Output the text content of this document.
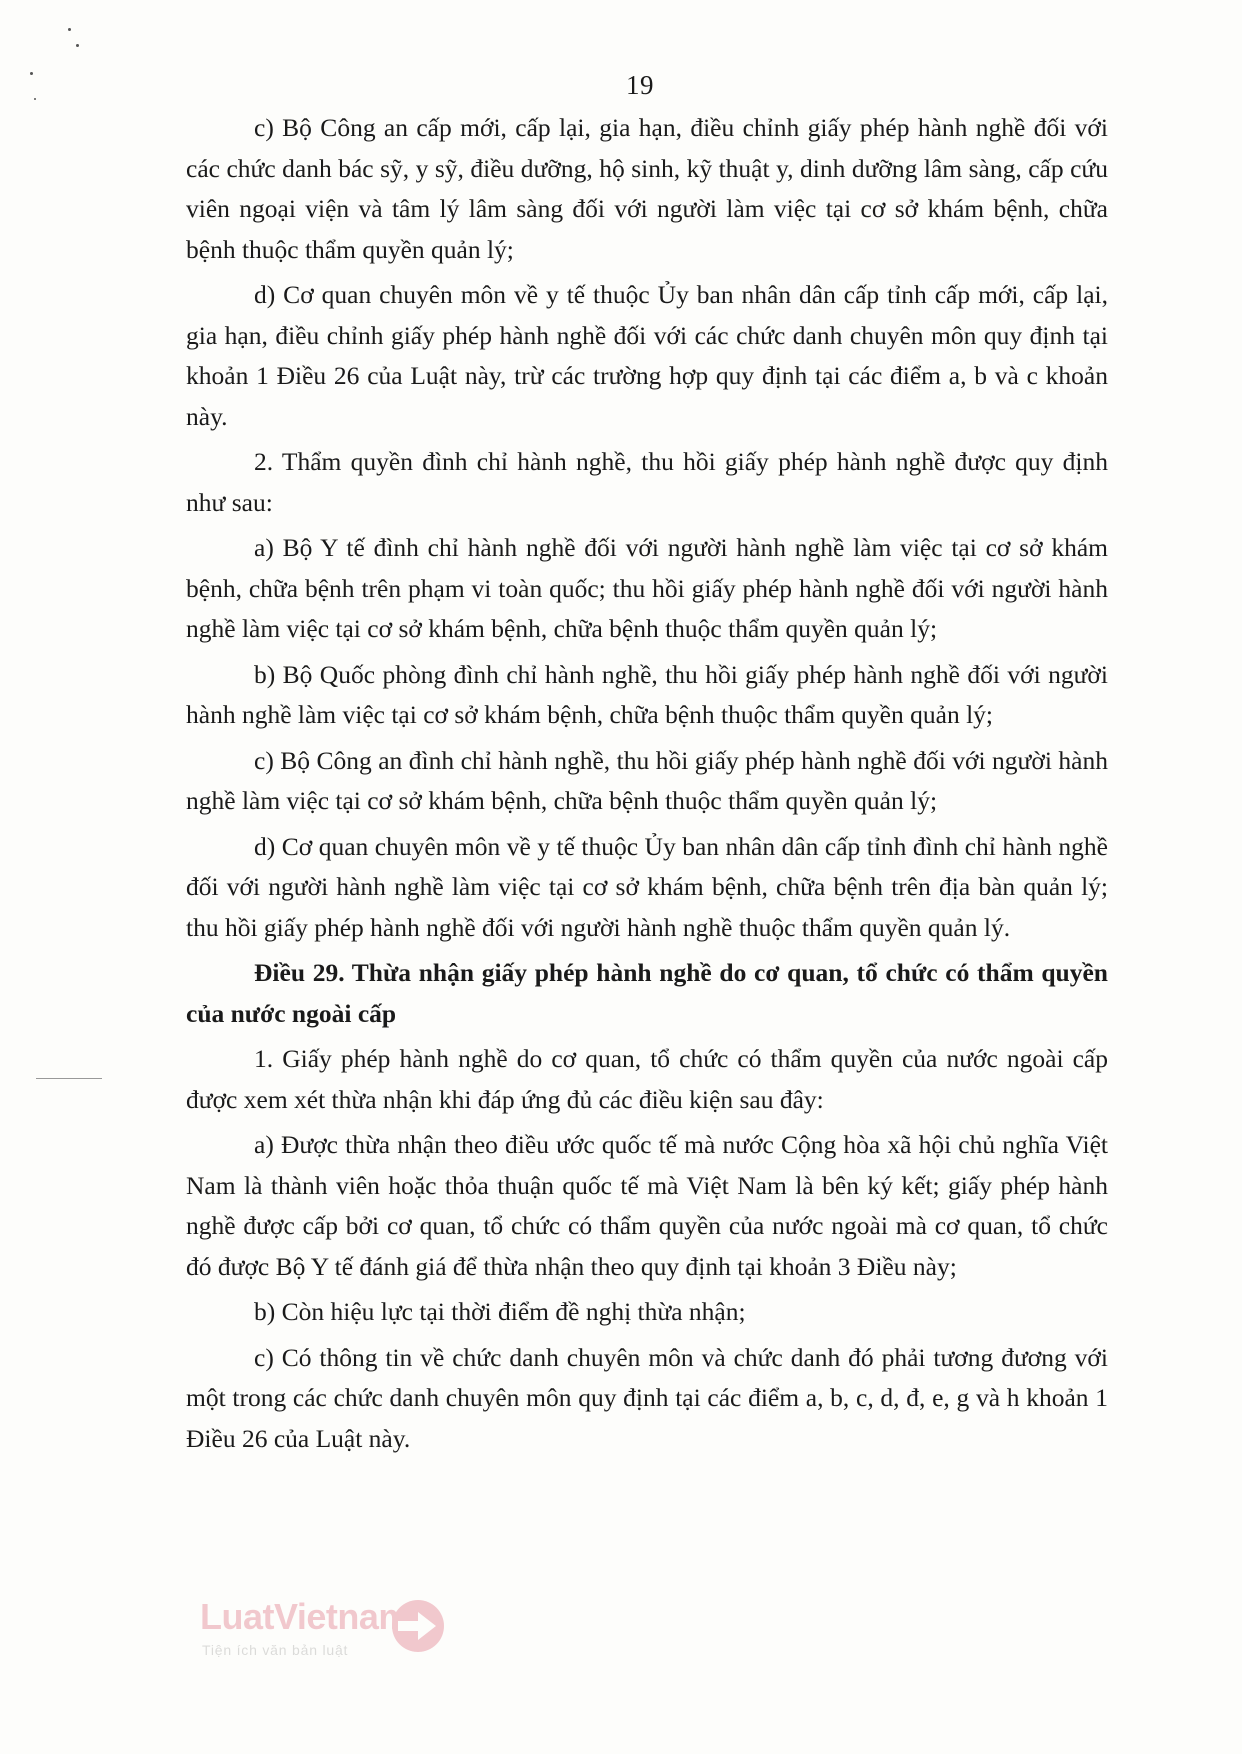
19

c) Bộ Công an cấp mới, cấp lại, gia hạn, điều chỉnh giấy phép hành nghề đối với các chức danh bác sỹ, y sỹ, điều dưỡng, hộ sinh, kỹ thuật y, dinh dưỡng lâm sàng, cấp cứu viên ngoại viện và tâm lý lâm sàng đối với người làm việc tại cơ sở khám bệnh, chữa bệnh thuộc thẩm quyền quản lý;

d) Cơ quan chuyên môn về y tế thuộc Ủy ban nhân dân cấp tỉnh cấp mới, cấp lại, gia hạn, điều chỉnh giấy phép hành nghề đối với các chức danh chuyên môn quy định tại khoản 1 Điều 26 của Luật này, trừ các trường hợp quy định tại các điểm a, b và c khoản này.

2. Thẩm quyền đình chỉ hành nghề, thu hồi giấy phép hành nghề được quy định như sau:

a) Bộ Y tế đình chỉ hành nghề đối với người hành nghề làm việc tại cơ sở khám bệnh, chữa bệnh trên phạm vi toàn quốc; thu hồi giấy phép hành nghề đối với người hành nghề làm việc tại cơ sở khám bệnh, chữa bệnh thuộc thẩm quyền quản lý;

b) Bộ Quốc phòng đình chỉ hành nghề, thu hồi giấy phép hành nghề đối với người hành nghề làm việc tại cơ sở khám bệnh, chữa bệnh thuộc thẩm quyền quản lý;

c) Bộ Công an đình chỉ hành nghề, thu hồi giấy phép hành nghề đối với người hành nghề làm việc tại cơ sở khám bệnh, chữa bệnh thuộc thẩm quyền quản lý;

d) Cơ quan chuyên môn về y tế thuộc Ủy ban nhân dân cấp tỉnh đình chỉ hành nghề đối với người hành nghề làm việc tại cơ sở khám bệnh, chữa bệnh trên địa bàn quản lý; thu hồi giấy phép hành nghề đối với người hành nghề thuộc thẩm quyền quản lý.

Điều 29. Thừa nhận giấy phép hành nghề do cơ quan, tổ chức có thẩm quyền của nước ngoài cấp

1. Giấy phép hành nghề do cơ quan, tổ chức có thẩm quyền của nước ngoài cấp được xem xét thừa nhận khi đáp ứng đủ các điều kiện sau đây:

a) Được thừa nhận theo điều ước quốc tế mà nước Cộng hòa xã hội chủ nghĩa Việt Nam là thành viên hoặc thỏa thuận quốc tế mà Việt Nam là bên ký kết; giấy phép hành nghề được cấp bởi cơ quan, tổ chức có thẩm quyền của nước ngoài mà cơ quan, tổ chức đó được Bộ Y tế đánh giá để thừa nhận theo quy định tại khoản 3 Điều này;

b) Còn hiệu lực tại thời điểm đề nghị thừa nhận;

c) Có thông tin về chức danh chuyên môn và chức danh đó phải tương đương với một trong các chức danh chuyên môn quy định tại các điểm a, b, c, d, đ, e, g và h khoản 1 Điều 26 của Luật này.

LuatVietnam
Tiện ích văn bản luật
